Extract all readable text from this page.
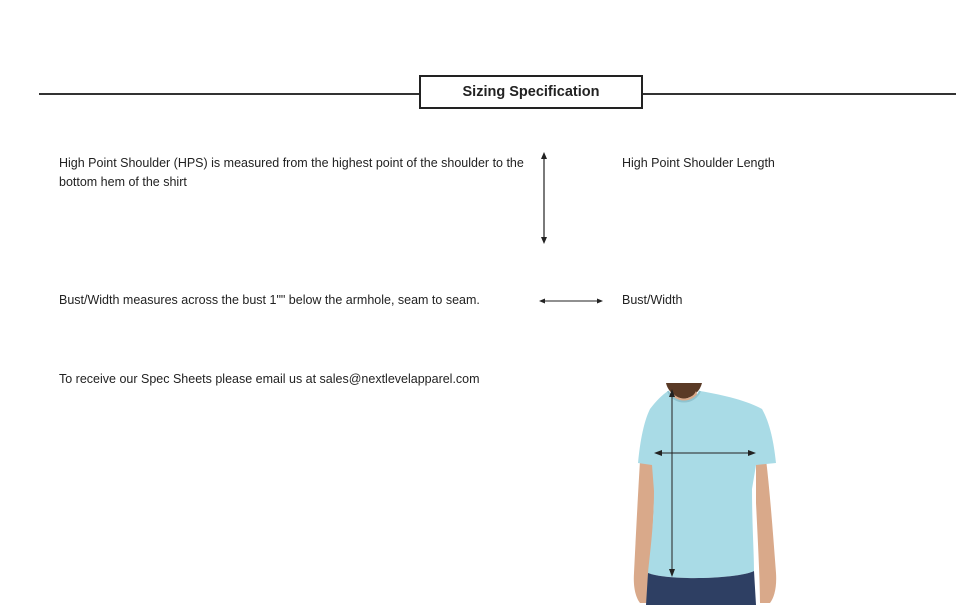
Sizing Specification
High Point Shoulder (HPS) is measured from the highest point of the shoulder to the bottom hem of the shirt
High Point Shoulder Length
Bust/Width measures across the bust 1"" below the armhole, seam to seam.	Bust/Width
To receive our Spec Sheets please email us at sales@nextlevelapparel.com
